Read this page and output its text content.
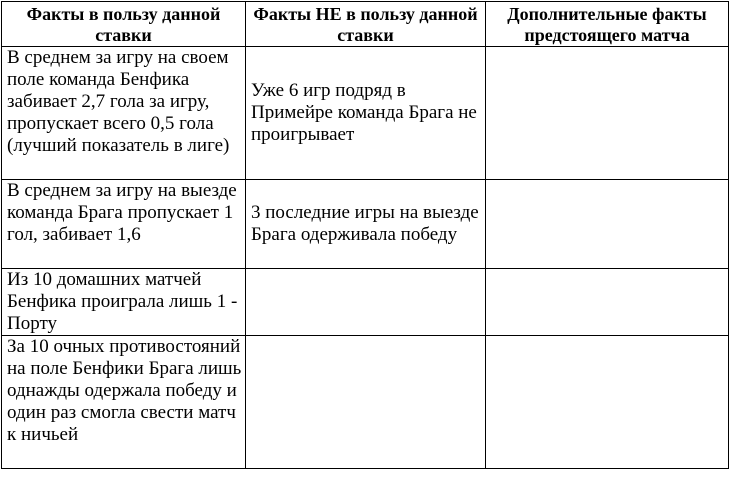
Факты в пользу данной ставки	Факты НЕ в пользу данной ставки	Дополнительные факты предстоящего матча
В среднем за игру на своем поле команда Бенфика забивает 2,7 гола за игру, пропускает всего 0,5 гола (лучший показатель в лиге)	Уже 6 игр подряд в Примейре команда Брага не проигрывает	
В среднем за игру на выезде команда Брага пропускает 1 гол, забивает 1,6	3 последние игры на выезде Брага одерживала победу	
Из 10 домашних матчей Бенфика проиграла лишь 1 - Порту		
За 10 очных противостояний на поле Бенфики Брага лишь однажды одержала победу и один раз смогла свести матч к ничьей		
